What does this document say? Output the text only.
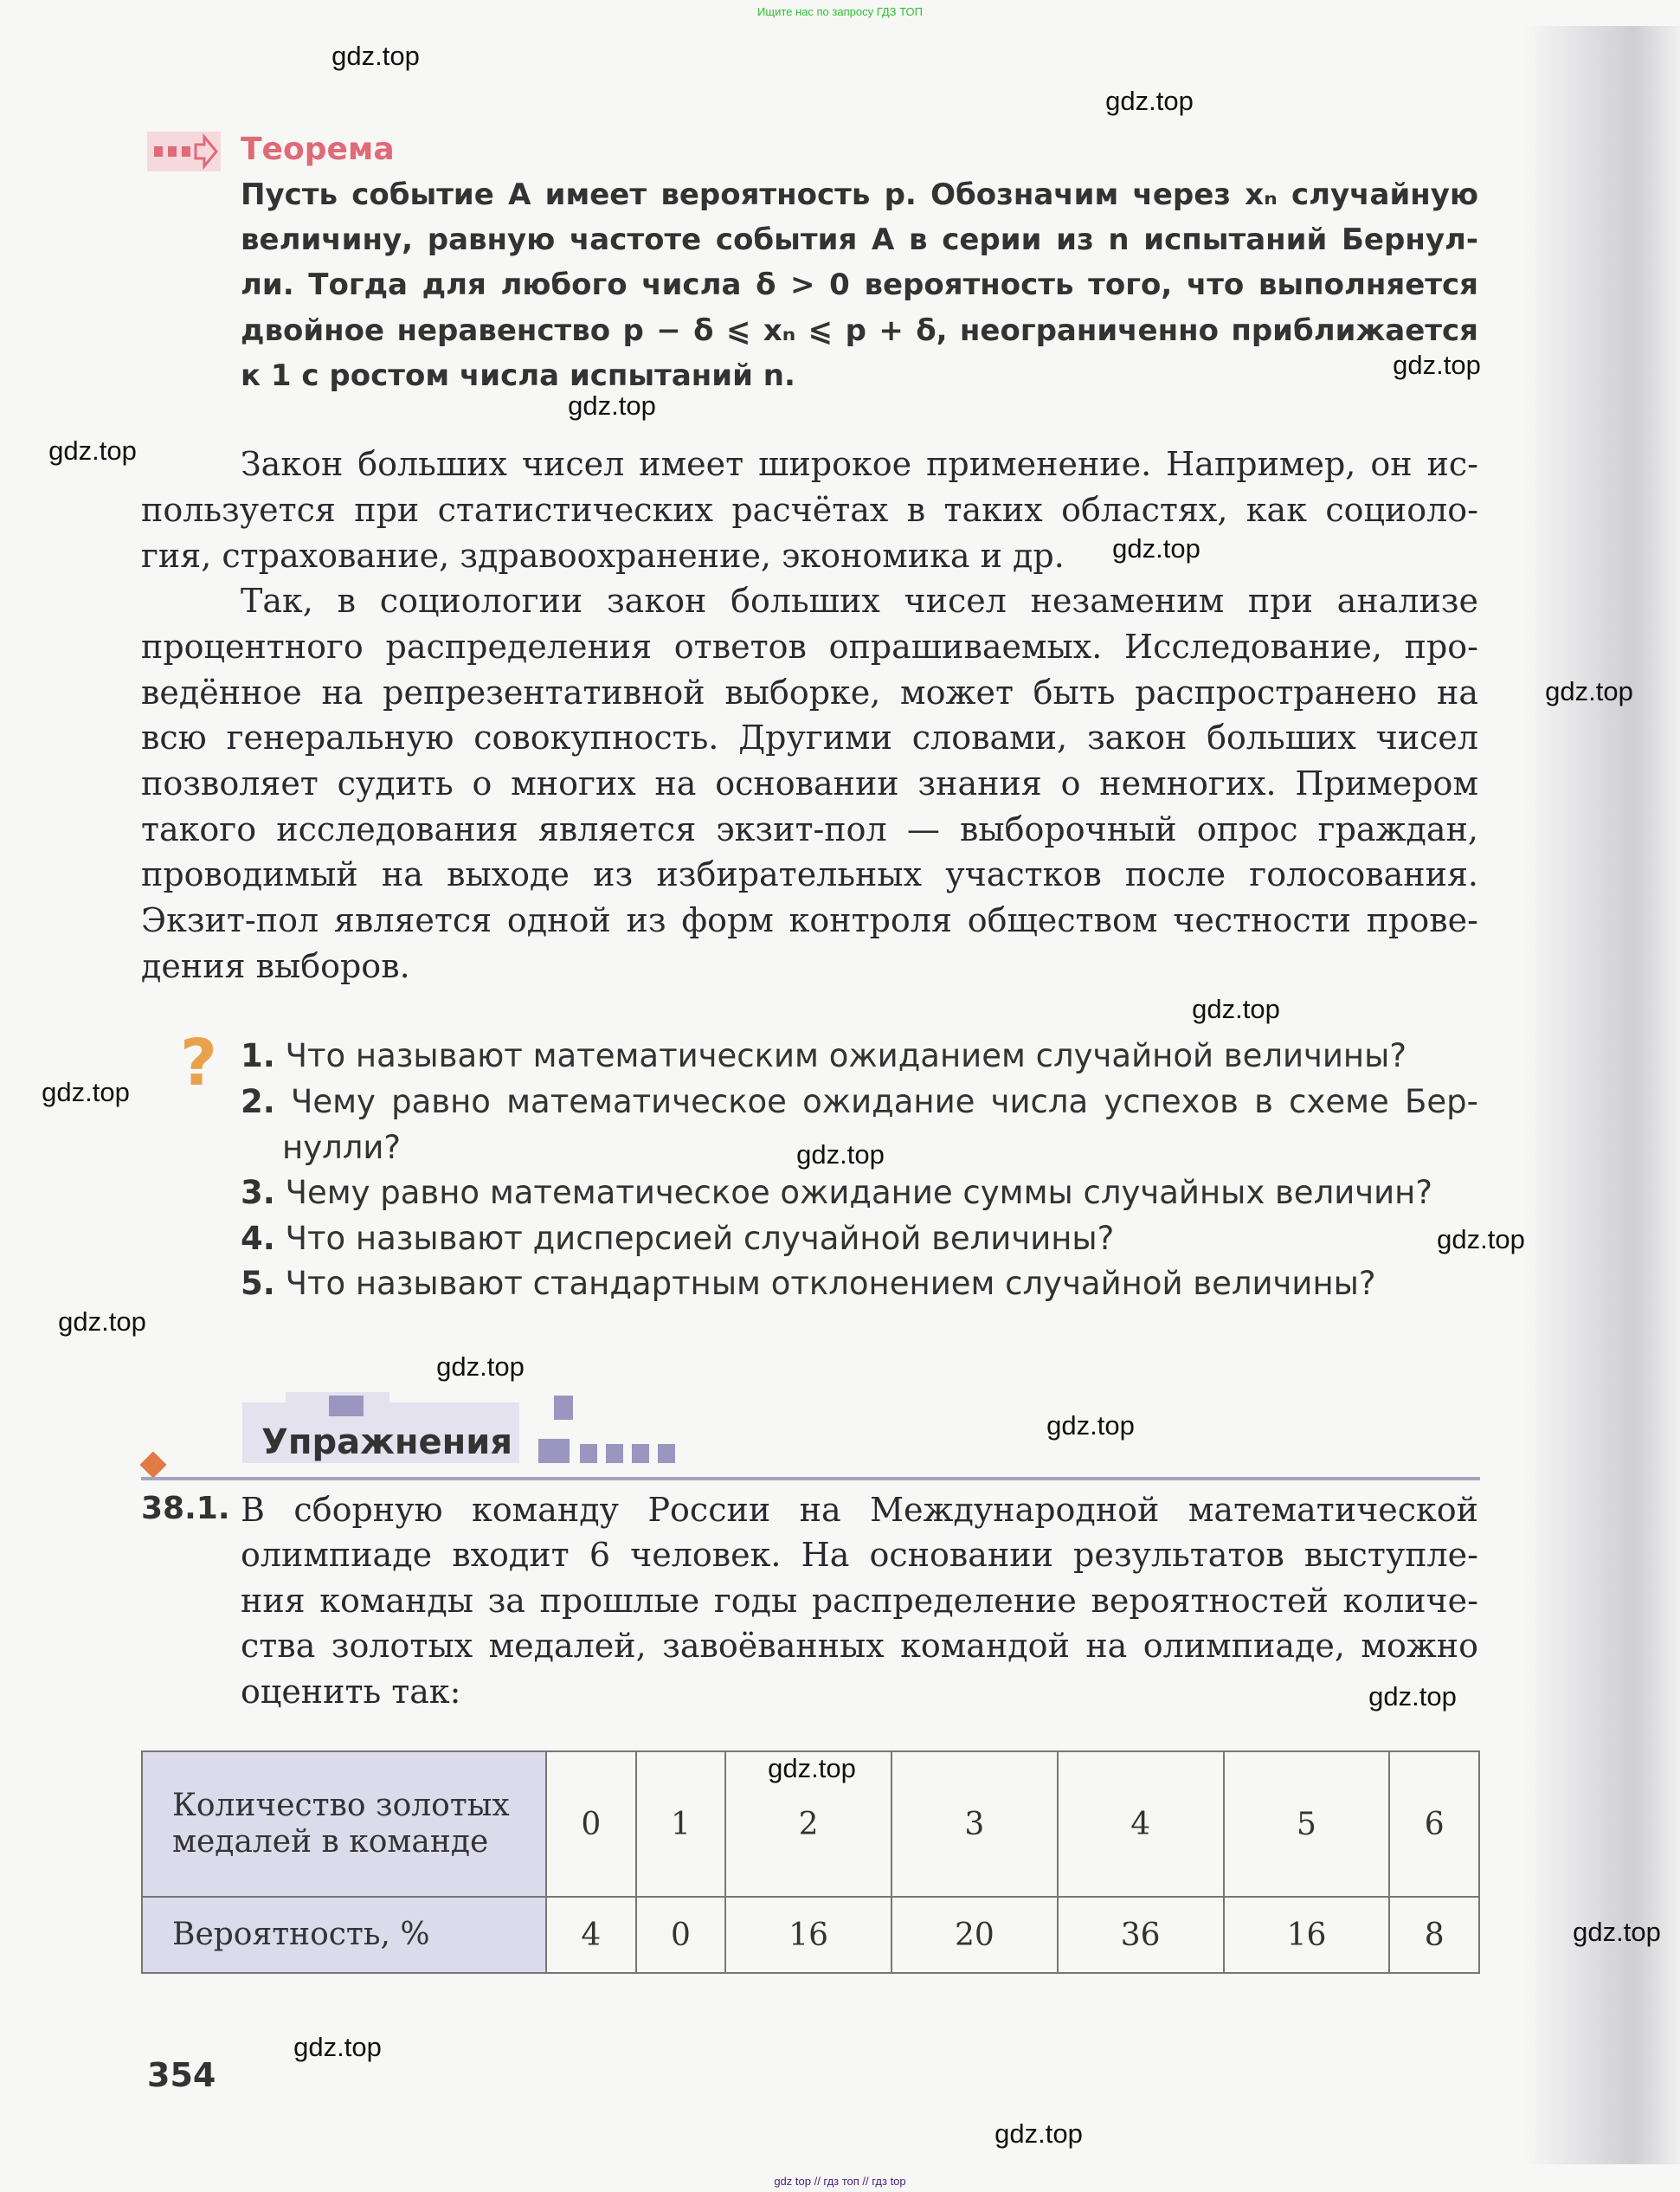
Ищите нас по запросу ГДЗ ТОП
Теорема
Пусть событие A имеет вероятность p. Обозначим через xₙ случайную
величину, равную частоте события A в серии из n испытаний Бернул-
ли. Тогда для любого числа δ > 0 вероятность того, что выполняется
двойное неравенство p − δ ⩽ xₙ ⩽ p + δ, неограниченно приближается
к 1 с ростом числа испытаний n.
Закон больших чисел имеет широкое применение. Например, он ис-
пользуется при статистических расчётах в таких областях, как социоло-
гия, страхование, здравоохранение, экономика и др.
Так, в социологии закон больших чисел незаменим при анализе
процентного распределения ответов опрашиваемых. Исследование, про-
ведённое на репрезентативной выборке, может быть распространено на
всю генеральную совокупность. Другими словами, закон больших чисел
позволяет судить о многих на основании знания о немногих. Примером
такого исследования является экзит-пол — выборочный опрос граждан,
проводимый на выходе из избирательных участков после голосования.
Экзит-пол является одной из форм контроля обществом честности прове-
дения выборов.
? 1. Что называют математическим ожиданием случайной величины?
2. Чему равно математическое ожидание числа успехов в схеме Бер-
нулли?
3. Чему равно математическое ожидание суммы случайных величин?
4. Что называют дисперсией случайной величины?
5. Что называют стандартным отклонением случайной величины?
Упражнения
38.1. В сборную команду России на Международной математической
олимпиаде входит 6 человек. На основании результатов выступле-
ния команды за прошлые годы распределение вероятностей количе-
ства золотых медалей, завоёванных командой на олимпиаде, можно
оценить так:
Количество золотых
медалей в команде	0	1	2	3	4	5	6
Вероятность, %	4	0	16	20	36	16	8
354
gdz top // гдз топ // гдз top
gdz.top
gdz.top
gdz.top
gdz.top
gdz.top
gdz.top
gdz.top
gdz.top
gdz.top
gdz.top
gdz.top
gdz.top
gdz.top
gdz.top
gdz.top
gdz.top
gdz.top
gdz.top
gdz.top
